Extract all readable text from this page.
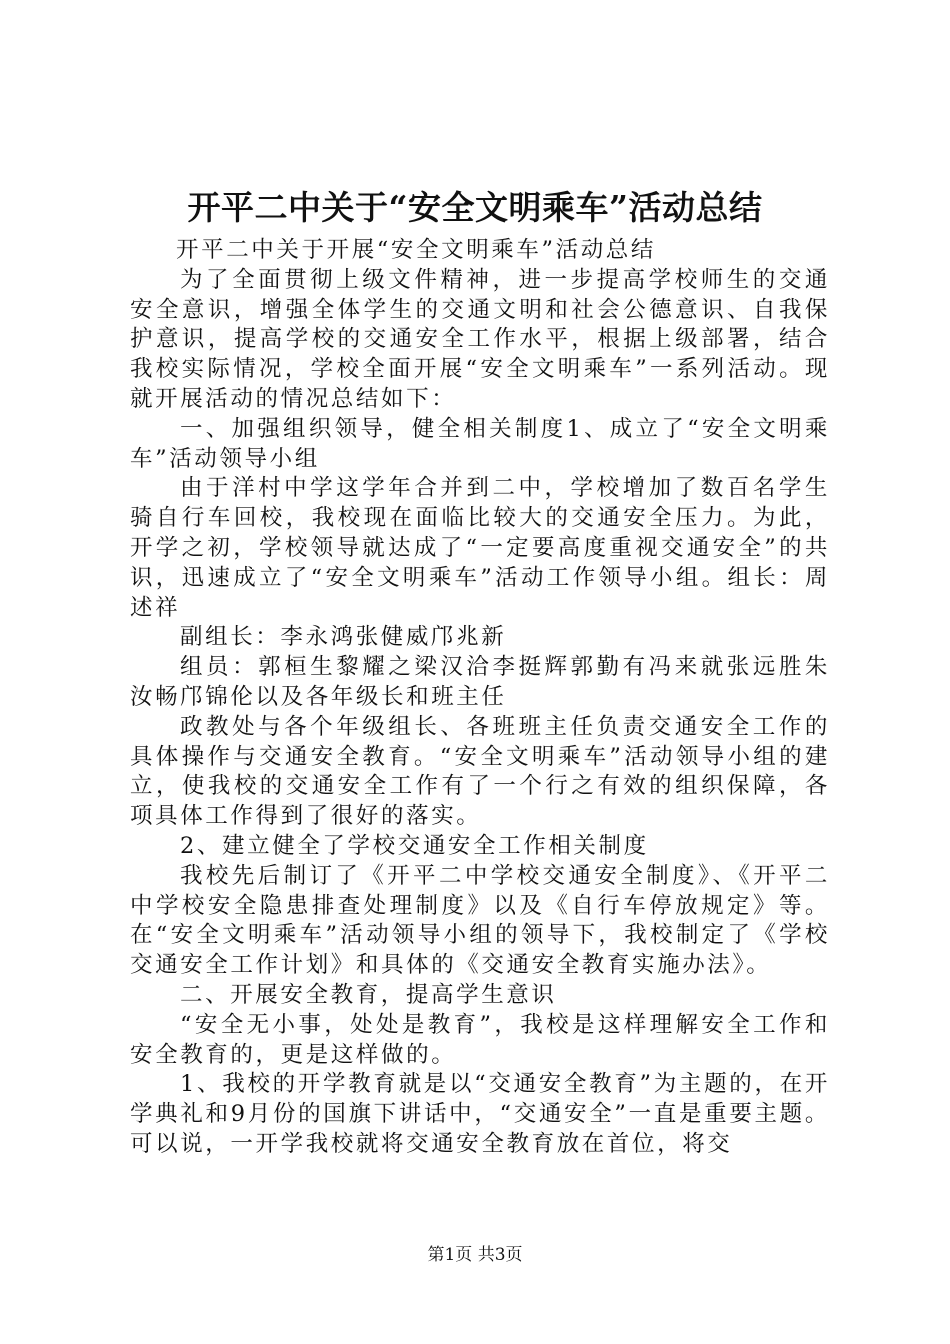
开平二中关于“安全文明乘车”活动总结

开平二中关于开展“安全文明乘车”活动总结

为了全面贯彻上级文件精神，进一步提高学校师生的交通安全意识，增强全体学生的交通文明和社会公德意识、自我保护意识，提高学校的交通安全工作水平，根据上级部署，结合我校实际情况，学校全面开展“安全文明乘车”一系列活动。现就开展活动的情况总结如下：

一、加强组织领导，健全相关制度1、成立了“安全文明乘车”活动领导小组

由于洋村中学这学年合并到二中，学校增加了数百名学生骑自行车回校，我校现在面临比较大的交通安全压力。为此，开学之初，学校领导就达成了“一定要高度重视交通安全”的共识，迅速成立了“安全文明乘车”活动工作领导小组。组长：周述祥

副组长：李永鸿张健威邝兆新

组员：郭桓生黎耀之梁汉洽李挺辉郭勤有冯来就张远胜朱汝畅邝锦伦以及各年级长和班主任

政教处与各个年级组长、各班班主任负责交通安全工作的具体操作与交通安全教育。“安全文明乘车”活动领导小组的建立，使我校的交通安全工作有了一个行之有效的组织保障，各项具体工作得到了很好的落实。

2、建立健全了学校交通安全工作相关制度

我校先后制订了《开平二中学校交通安全制度》、《开平二中学校安全隐患排查处理制度》以及《自行车停放规定》等。在“安全文明乘车”活动领导小组的领导下，我校制定了《学校交通安全工作计划》和具体的《交通安全教育实施办法》。

二、开展安全教育，提高学生意识

“安全无小事，处处是教育”，我校是这样理解安全工作和安全教育的，更是这样做的。

1、我校的开学教育就是以“交通安全教育”为主题的，在开学典礼和9月份的国旗下讲话中，“交通安全”一直是重要主题。可以说，一开学我校就将交通安全教育放在首位，将交

第1页 共3页
